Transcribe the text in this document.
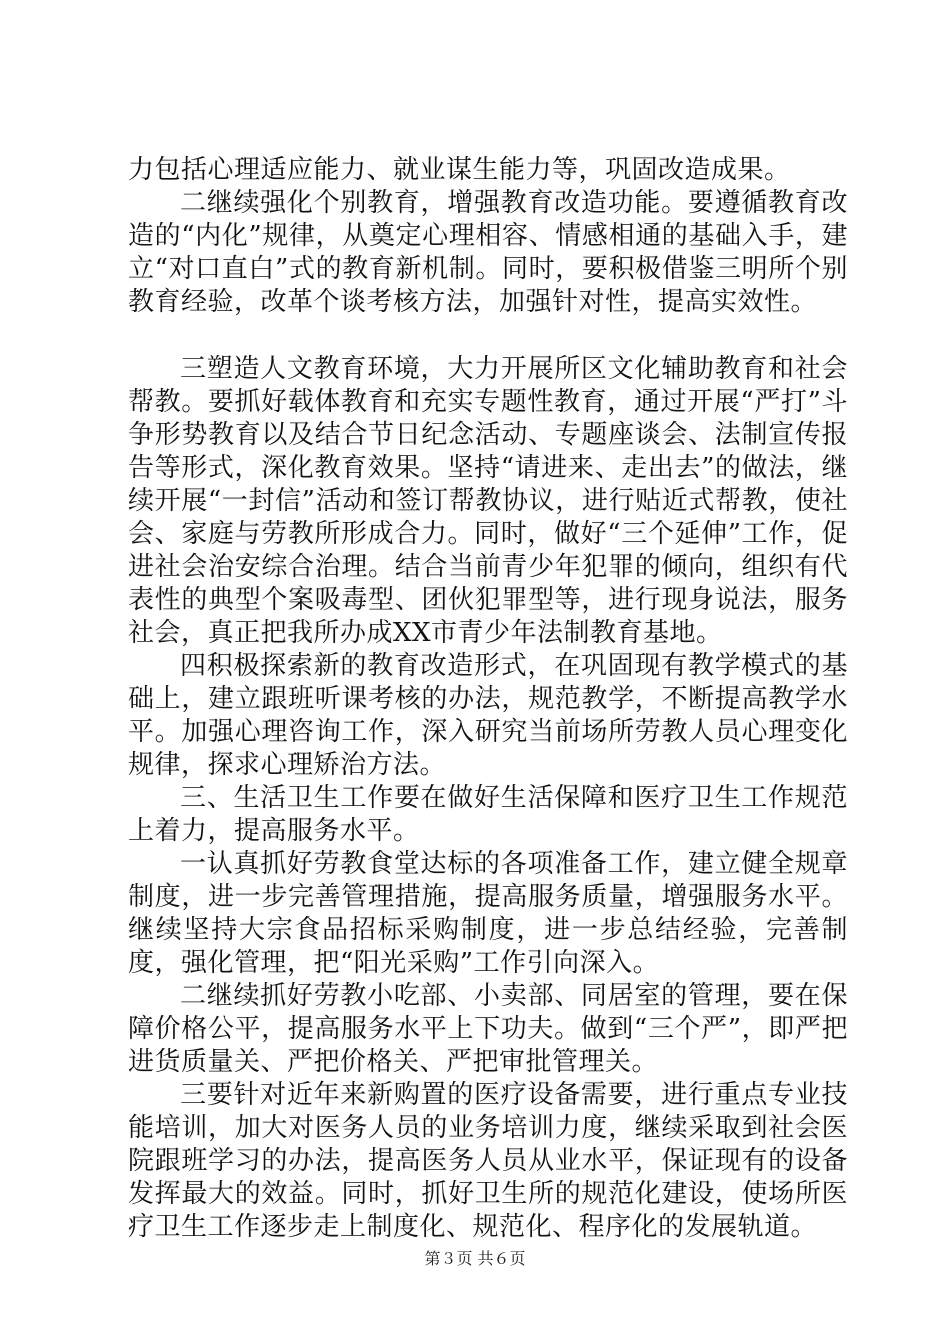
力包括心理适应能力、就业谋生能力等，巩固改造成果。

二继续强化个别教育，增强教育改造功能。要遵循教育改造的“内化”规律，从奠定心理相容、情感相通的基础入手，建立“对口直白”式的教育新机制。同时，要积极借鉴三明所个别教育经验，改革个谈考核方法，加强针对性，提高实效性。

三塑造人文教育环境，大力开展所区文化辅助教育和社会帮教。要抓好载体教育和充实专题性教育，通过开展“严打”斗争形势教育以及结合节日纪念活动、专题座谈会、法制宣传报告等形式，深化教育效果。坚持“请进来、走出去”的做法，继续开展“一封信”活动和签订帮教协议，进行贴近式帮教，使社会、家庭与劳教所形成合力。同时，做好“三个延伸”工作，促进社会治安综合治理。结合当前青少年犯罪的倾向，组织有代表性的典型个案吸毒型、团伙犯罪型等，进行现身说法，服务社会，真正把我所办成XX市青少年法制教育基地。

四积极探索新的教育改造形式，在巩固现有教学模式的基础上，建立跟班听课考核的办法，规范教学，不断提高教学水平。加强心理咨询工作，深入研究当前场所劳教人员心理变化规律，探求心理矫治方法。

三、生活卫生工作要在做好生活保障和医疗卫生工作规范上着力，提高服务水平。

一认真抓好劳教食堂达标的各项准备工作，建立健全规章制度，进一步完善管理措施，提高服务质量，增强服务水平。继续坚持大宗食品招标采购制度，进一步总结经验，完善制度，强化管理，把“阳光采购”工作引向深入。

二继续抓好劳教小吃部、小卖部、同居室的管理，要在保障价格公平，提高服务水平上下功夫。做到“三个严”，即严把进货质量关、严把价格关、严把审批管理关。

三要针对近年来新购置的医疗设备需要，进行重点专业技能培训，加大对医务人员的业务培训力度，继续采取到社会医院跟班学习的办法，提高医务人员从业水平，保证现有的设备发挥最大的效益。同时，抓好卫生所的规范化建设，使场所医疗卫生工作逐步走上制度化、规范化、程序化的发展轨道。

第３页 共６页
